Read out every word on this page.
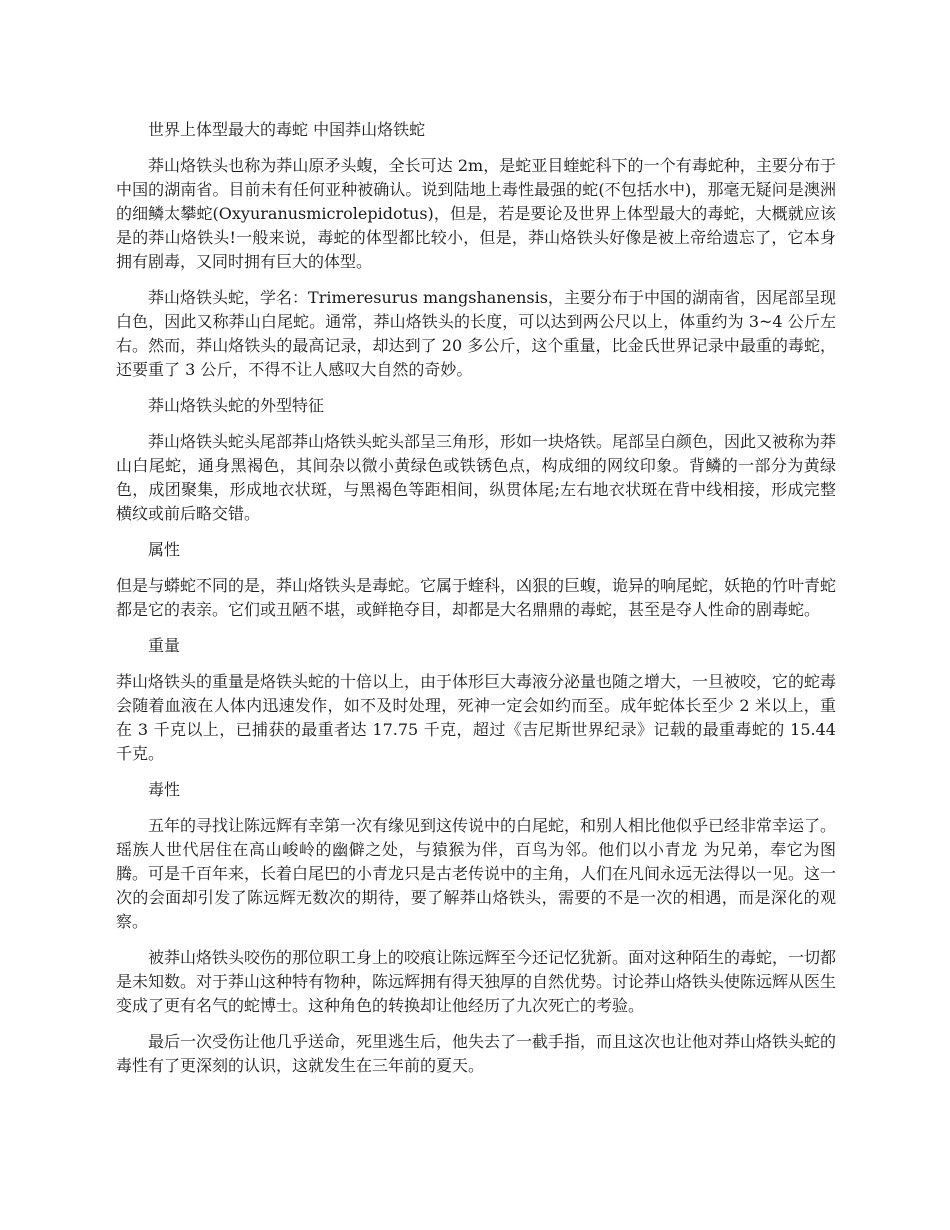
世界上体型最大的毒蛇 中国莽山烙铁蛇

莽山烙铁头也称为莽山原矛头蝮，全长可达 2m，是蛇亚目蝰蛇科下的一个有毒蛇种，主要分布于中国的湖南省。目前未有任何亚种被确认。说到陆地上毒性最强的蛇(不包括水中)，那毫无疑问是澳洲的细鳞太攀蛇(Oxyuranusmicrolepidotus)，但是，若是要论及世界上体型最大的毒蛇，大概就应该是的莽山烙铁头!一般来说，毒蛇的体型都比较小，但是，莽山烙铁头好像是被上帝给遗忘了，它本身拥有剧毒，又同时拥有巨大的体型。

莽山烙铁头蛇，学名：Trimeresurus mangshanensis，主要分布于中国的湖南省，因尾部呈现白色，因此又称莽山白尾蛇。通常，莽山烙铁头的长度，可以达到两公尺以上，体重约为 3~4 公斤左右。然而，莽山烙铁头的最高记录，却达到了 20 多公斤，这个重量，比金氏世界记录中最重的毒蛇，还要重了 3 公斤，不得不让人感叹大自然的奇妙。

莽山烙铁头蛇的外型特征

莽山烙铁头蛇头尾部莽山烙铁头蛇头部呈三角形，形如一块烙铁。尾部呈白颜色，因此又被称为莽山白尾蛇，通身黑褐色，其间杂以微小黄绿色或铁锈色点，构成细的网纹印象。背鳞的一部分为黄绿色，成团聚集，形成地衣状斑，与黑褐色等距相间，纵贯体尾;左右地衣状斑在背中线相接，形成完整横纹或前后略交错。

属性

但是与蟒蛇不同的是，莽山烙铁头是毒蛇。它属于蝰科，凶狠的巨蝮，诡异的响尾蛇，妖艳的竹叶青蛇都是它的表亲。它们或丑陋不堪，或鲜艳夺目，却都是大名鼎鼎的毒蛇，甚至是夺人性命的剧毒蛇。

重量

莽山烙铁头的重量是烙铁头蛇的十倍以上，由于体形巨大毒液分泌量也随之增大，一旦被咬，它的蛇毒会随着血液在人体内迅速发作，如不及时处理，死神一定会如约而至。成年蛇体长至少 2 米以上，重在 3 千克以上，已捕获的最重者达 17.75 千克，超过《吉尼斯世界纪录》记载的最重毒蛇的 15.44 千克。

毒性

五年的寻找让陈远辉有幸第一次有缘见到这传说中的白尾蛇，和别人相比他似乎已经非常幸运了。瑶族人世代居住在高山峻岭的幽僻之处，与猿猴为伴，百鸟为邻。他们以小青龙 为兄弟，奉它为图腾。可是千百年来，长着白尾巴的小青龙只是古老传说中的主角，人们在凡间永远无法得以一见。这一次的会面却引发了陈远辉无数次的期待，要了解莽山烙铁头，需要的不是一次的相遇，而是深化的观察。

被莽山烙铁头咬伤的那位职工身上的咬痕让陈远辉至今还记忆犹新。面对这种陌生的毒蛇，一切都是未知数。对于莽山这种特有物种，陈远辉拥有得天独厚的自然优势。讨论莽山烙铁头使陈远辉从医生变成了更有名气的蛇博士。这种角色的转换却让他经历了九次死亡的考验。

最后一次受伤让他几乎送命，死里逃生后，他失去了一截手指，而且这次也让他对莽山烙铁头蛇的毒性有了更深刻的认识，这就发生在三年前的夏天。
